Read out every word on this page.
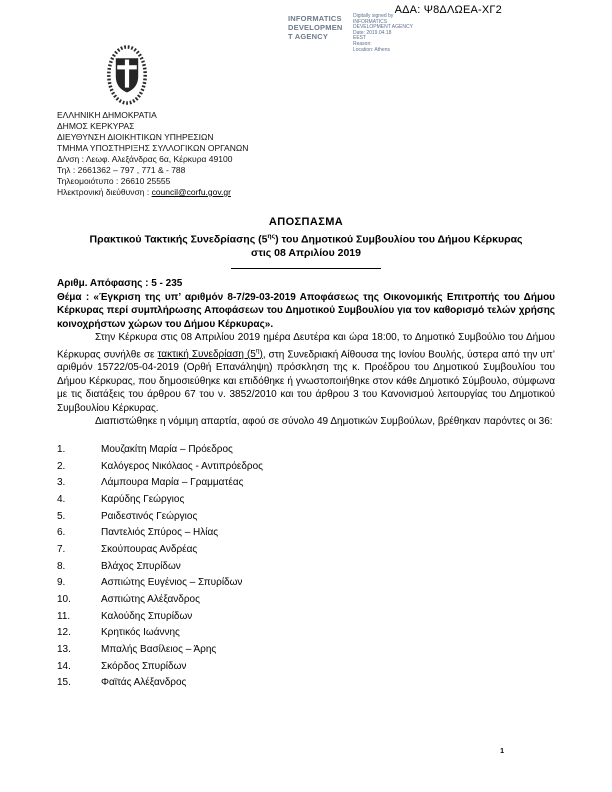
ΑΔΑ: Ψ8ΔΛΩΕΑ-ΧΓ2
INFORMATICS
DEVELOPMEN
T AGENCY
Digitally signed by
INFORMATICS
DEVELOPMENT AGENCY
Date: 2019.04.18
EEST
Reason:
Location: Athens
ΕΛΛΗΝΙΚΗ ΔΗΜΟΚΡΑΤΙΑ
ΔΗΜΟΣ ΚΕΡΚΥΡΑΣ
ΔΙΕΥΘΥΝΣΗ ΔΙΟΙΚΗΤΙΚΩΝ ΥΠΗΡΕΣΙΩΝ
ΤΜΗΜΑ ΥΠΟΣΤΗΡΙΞΗΣ ΣΥΛΛΟΓΙΚΩΝ ΟΡΓΑΝΩΝ
Δ/νση : Λεωφ. Αλεξάνδρας 6α, Κέρκυρα 49100
Τηλ : 2661362 – 797 , 771 & - 788
Τηλεομοιότυπο : 26610 25555
Ηλεκτρονική διεύθυνση : council@corfu.gov.gr

ΑΠΟΣΠΑΣΜΑ

Πρακτικού Τακτικής Συνεδρίασης $(5^{\eta\varsigma})$ του Δημοτικού Συμβουλίου του Δήμου Κέρκυρας

στις 08 Απριλίου 2019

Αριθμ. Απόφασης : 5 - 235

Θέμα : «Έγκριση της υπ’ αριθμόν 8-7/29-03-2019 Αποφάσεως της Οικονομικής Επιτροπής του Δήμου Κέρκυρας περί συμπλήρωσης Αποφάσεων του Δημοτικού Συμβουλίου για τον καθορισμό τελών χρήσης κοινοχρήστων χώρων του Δήμου Κέρκυρας».

Στην Κέρκυρα στις 08 Απριλίου 2019 ημέρα Δευτέρα και ώρα 18:00, το Δημοτικό Συμβούλιο του Δήμου Κέρκυρας συνήλθε σε τακτική Συνεδρίαση $(5^\eta)$, στη Συνεδριακή Αίθουσα της Ιονίου Βουλής, ύστερα από την υπ’ αριθμόν 15722/05-04-2019 (Ορθή Επανάληψη) πρόσκληση της κ. Προέδρου του Δημοτικού Συμβουλίου του Δήμου Κέρκυρας, που δημοσιεύθηκε και επιδόθηκε ή γνωστοποιήθηκε στον κάθε Δημοτικό Σύμβουλο, σύμφωνα με τις διατάξεις του άρθρου 67 του ν. 3852/2010 και του άρθρου 3 του Κανονισμού λειτουργίας του Δημοτικού Συμβουλίου Κέρκυρας.

Διαπιστώθηκε η νόμιμη απαρτία, αφού σε σύνολο 49 Δημοτικών Συμβούλων, βρέθηκαν παρόντες οι 36:

1.	Μουζακίτη Μαρία – Πρόεδρος
2.	Καλόγερος Νικόλαος - Αντιπρόεδρος
3.	Λάμπουρα Μαρία – Γραμματέας
4.	Καρύδης Γεώργιος
5.	Ραιδεστινός Γεώργιος
6.	Παντελιός Σπύρος – Ηλίας
7.	Σκούπουρας Ανδρέας
8.	Βλάχος Σπυρίδων
9.	Ασπιώτης Ευγένιος – Σπυρίδων
10.	Ασπιώτης Αλέξανδρος
11.	Καλούδης Σπυρίδων
12.	Κρητικός Ιωάννης
13.	Μπαλής Βασίλειος – Άρης
14.	Σκόρδος Σπυρίδων
15.	Φαϊτάς Αλέξανδρος
1
